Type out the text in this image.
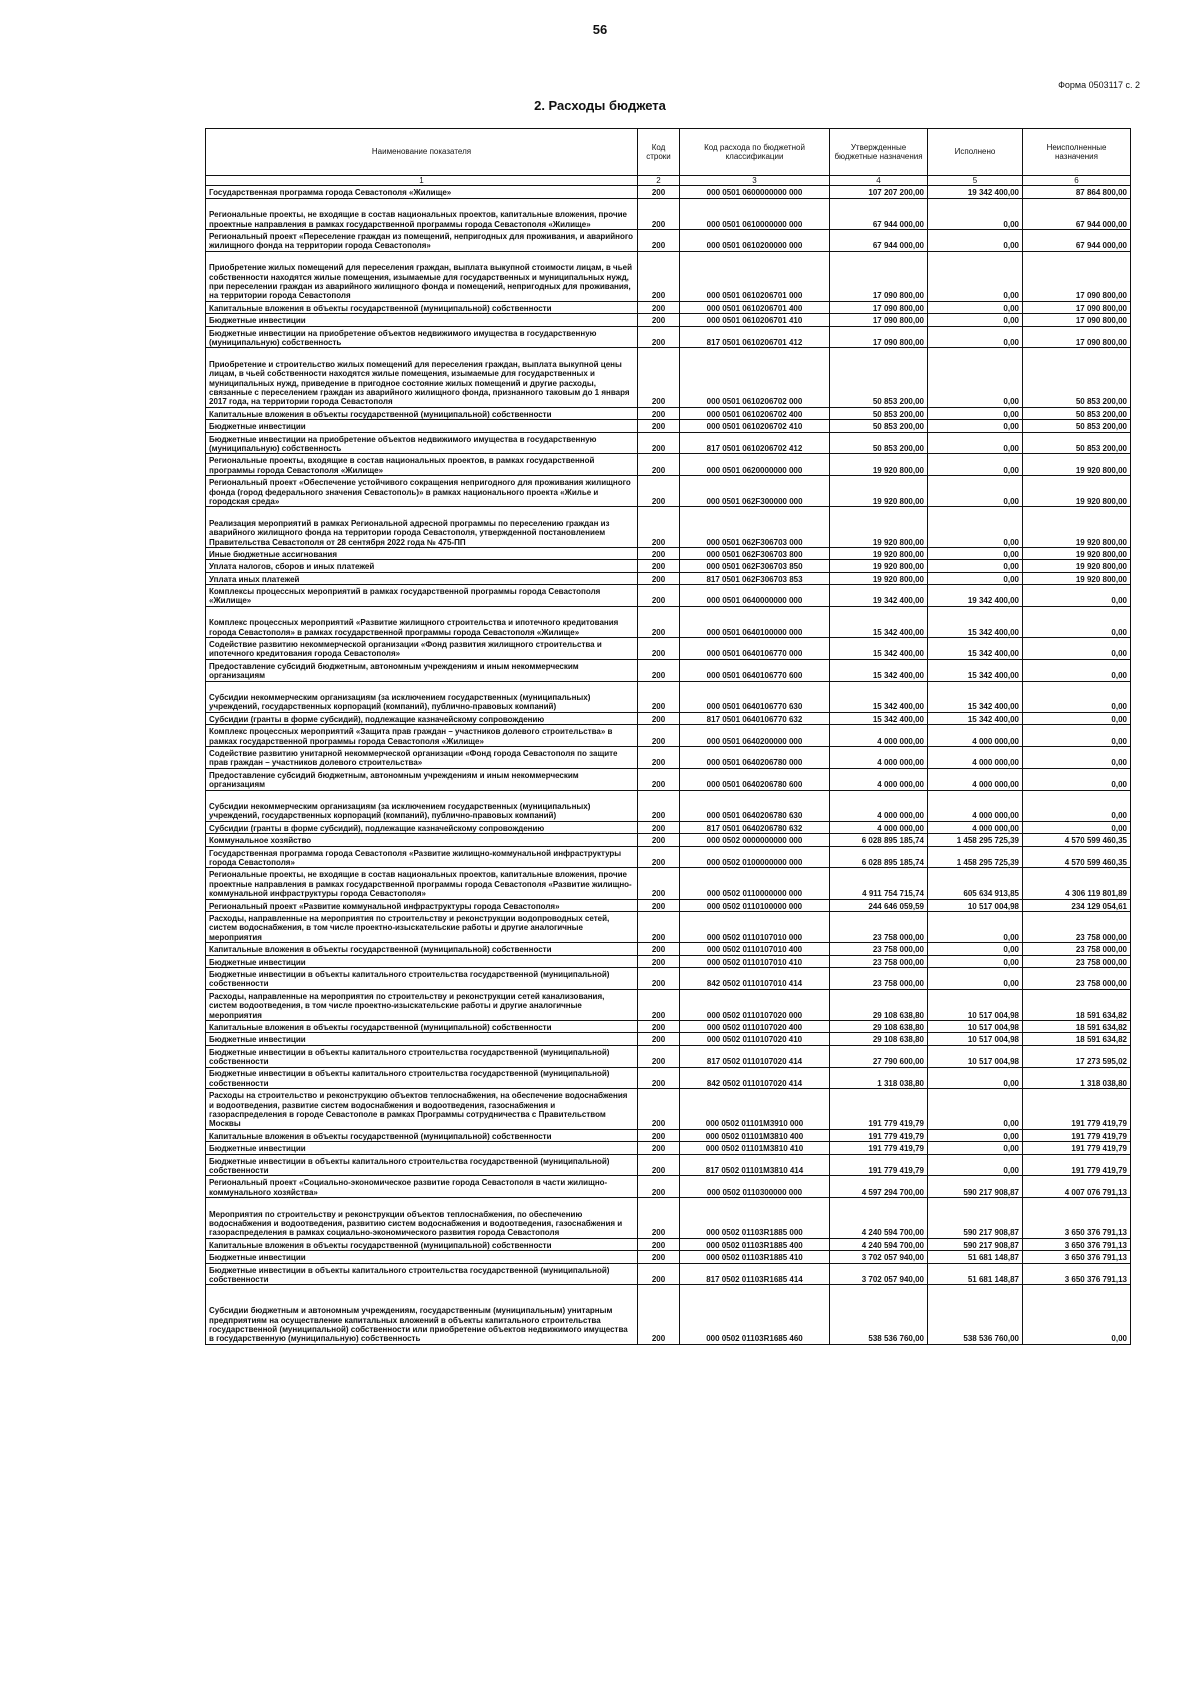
56
Форма 0503117 с. 2
2. Расходы бюджета
Наименование показателя	Код строки	Код расхода по бюджетной классификации	Утвержденные бюджетные назначения	Исполнено	Неисполненные назначения
1	2	3	4	5	6
Государственная программа города Севастополя «Жилище»	200	000 0501 0600000000 000	107 207 200,00	19 342 400,00	87 864 800,00
Региональные проекты, не входящие в состав национальных проектов, капитальные вложения, прочие проектные направления в рамках государственной программы города Севастополя «Жилище»	200	000 0501 0610000000 000	67 944 000,00	0,00	67 944 000,00
Региональный проект «Переселение граждан из помещений, непригодных для проживания, и аварийного жилищного фонда на территории города Севастополя»	200	000 0501 0610200000 000	67 944 000,00	0,00	67 944 000,00
Приобретение жилых помещений для переселения граждан, выплата выкупной стоимости лицам, в чьей собственности находятся жилые помещения, изымаемые для государственных и муниципальных нужд, при переселении граждан из аварийного жилищного фонда и помещений, непригодных для проживания, на территории города Севастополя	200	000 0501 0610206701 000	17 090 800,00	0,00	17 090 800,00
Капитальные вложения в объекты государственной (муниципальной) собственности	200	000 0501 0610206701 400	17 090 800,00	0,00	17 090 800,00
Бюджетные инвестиции	200	000 0501 0610206701 410	17 090 800,00	0,00	17 090 800,00
Бюджетные инвестиции на приобретение объектов недвижимого имущества в государственную (муниципальную) собственность	200	817 0501 0610206701 412	17 090 800,00	0,00	17 090 800,00
Приобретение и строительство жилых помещений для переселения граждан, выплата выкупной цены лицам, в чьей собственности находятся жилые помещения, изымаемые для государственных и муниципальных нужд, приведение в пригодное состояние жилых помещений и другие расходы, связанные с переселением граждан из аварийного жилищного фонда, признанного таковым до 1 января 2017 года, на территории города Севастополя	200	000 0501 0610206702 000	50 853 200,00	0,00	50 853 200,00
Капитальные вложения в объекты государственной (муниципальной) собственности	200	000 0501 0610206702 400	50 853 200,00	0,00	50 853 200,00
Бюджетные инвестиции	200	000 0501 0610206702 410	50 853 200,00	0,00	50 853 200,00
Бюджетные инвестиции на приобретение объектов недвижимого имущества в государственную (муниципальную) собственность	200	817 0501 0610206702 412	50 853 200,00	0,00	50 853 200,00
Региональные проекты, входящие в состав национальных проектов, в рамках государственной программы города Севастополя «Жилище»	200	000 0501 0620000000 000	19 920 800,00	0,00	19 920 800,00
Региональный проект «Обеспечение устойчивого сокращения непригодного для проживания жилищного фонда (город федерального значения Севастополь)» в рамках национального проекта «Жилье и городская среда»	200	000 0501 062F300000 000	19 920 800,00	0,00	19 920 800,00
Реализация мероприятий в рамках Региональной адресной программы по переселению граждан из аварийного жилищного фонда на территории города Севастополя, утвержденной постановлением Правительства Севастополя от 28 сентября 2022 года № 475-ПП	200	000 0501 062F306703 000	19 920 800,00	0,00	19 920 800,00
Иные бюджетные ассигнования	200	000 0501 062F306703 800	19 920 800,00	0,00	19 920 800,00
Уплата налогов, сборов и иных платежей	200	000 0501 062F306703 850	19 920 800,00	0,00	19 920 800,00
Уплата иных платежей	200	817 0501 062F306703 853	19 920 800,00	0,00	19 920 800,00
Комплексы процессных мероприятий в рамках государственной программы города Севастополя «Жилище»	200	000 0501 0640000000 000	19 342 400,00	19 342 400,00	0,00
Комплекс процессных мероприятий «Развитие жилищного строительства и ипотечного кредитования города Севастополя» в рамках государственной программы города Севастополя «Жилище»	200	000 0501 0640100000 000	15 342 400,00	15 342 400,00	0,00
Содействие развитию некоммерческой организации «Фонд развития жилищного строительства и ипотечного кредитования города Севастополя»	200	000 0501 0640106770 000	15 342 400,00	15 342 400,00	0,00
Предоставление субсидий бюджетным, автономным учреждениям и иным некоммерческим организациям	200	000 0501 0640106770 600	15 342 400,00	15 342 400,00	0,00
Субсидии некоммерческим организациям (за исключением государственных (муниципальных) учреждений, государственных корпораций (компаний), публично-правовых компаний)	200	000 0501 0640106770 630	15 342 400,00	15 342 400,00	0,00
Субсидии (гранты в форме субсидий), подлежащие казначейскому сопровождению	200	817 0501 0640106770 632	15 342 400,00	15 342 400,00	0,00
Комплекс процессных мероприятий «Защита прав граждан – участников долевого строительства» в рамках государственной программы города Севастополя «Жилище»	200	000 0501 0640200000 000	4 000 000,00	4 000 000,00	0,00
Содействие развитию унитарной некоммерческой организации «Фонд города Севастополя по защите прав граждан – участников долевого строительства»	200	000 0501 0640206780 000	4 000 000,00	4 000 000,00	0,00
Предоставление субсидий бюджетным, автономным учреждениям и иным некоммерческим организациям	200	000 0501 0640206780 600	4 000 000,00	4 000 000,00	0,00
Субсидии некоммерческим организациям (за исключением государственных (муниципальных) учреждений, государственных корпораций (компаний), публично-правовых компаний)	200	000 0501 0640206780 630	4 000 000,00	4 000 000,00	0,00
Субсидии (гранты в форме субсидий), подлежащие казначейскому сопровождению	200	817 0501 0640206780 632	4 000 000,00	4 000 000,00	0,00
Коммунальное хозяйство	200	000 0502 0000000000 000	6 028 895 185,74	1 458 295 725,39	4 570 599 460,35
Государственная программа города Севастополя «Развитие жилищно-коммунальной инфраструктуры города Севастополя»	200	000 0502 0100000000 000	6 028 895 185,74	1 458 295 725,39	4 570 599 460,35
Региональные проекты, не входящие в состав национальных проектов, капитальные вложения, прочие проектные направления в рамках государственной программы города Севастополя «Развитие жилищно-коммунальной инфраструктуры города Севастополя»	200	000 0502 0110000000 000	4 911 754 715,74	605 634 913,85	4 306 119 801,89
Региональный проект «Развитие коммунальной инфраструктуры города Севастополя»	200	000 0502 0110100000 000	244 646 059,59	10 517 004,98	234 129 054,61
Расходы, направленные на мероприятия по строительству и реконструкции водопроводных сетей, систем водоснабжения, в том числе проектно-изыскательские работы и другие аналогичные мероприятия	200	000 0502 0110107010 000	23 758 000,00	0,00	23 758 000,00
Капитальные вложения в объекты государственной (муниципальной) собственности	200	000 0502 0110107010 400	23 758 000,00	0,00	23 758 000,00
Бюджетные инвестиции	200	000 0502 0110107010 410	23 758 000,00	0,00	23 758 000,00
Бюджетные инвестиции в объекты капитального строительства государственной (муниципальной) собственности	200	842 0502 0110107010 414	23 758 000,00	0,00	23 758 000,00
Расходы, направленные на мероприятия по строительству и реконструкции сетей канализования, систем водоотведения, в том числе проектно-изыскательские работы и другие аналогичные мероприятия	200	000 0502 0110107020 000	29 108 638,80	10 517 004,98	18 591 634,82
Капитальные вложения в объекты государственной (муниципальной) собственности	200	000 0502 0110107020 400	29 108 638,80	10 517 004,98	18 591 634,82
Бюджетные инвестиции	200	000 0502 0110107020 410	29 108 638,80	10 517 004,98	18 591 634,82
Бюджетные инвестиции в объекты капитального строительства государственной (муниципальной) собственности	200	817 0502 0110107020 414	27 790 600,00	10 517 004,98	17 273 595,02
Бюджетные инвестиции в объекты капитального строительства государственной (муниципальной) собственности	200	842 0502 0110107020 414	1 318 038,80	0,00	1 318 038,80
Расходы на строительство и реконструкцию объектов теплоснабжения, на обеспечение водоснабжения и водоотведения, развитие систем водоснабжения и водоотведения, газоснабжения и газораспределения в городе Севастополе в рамках Программы сотрудничества с Правительством Москвы	200	000 0502 01101M3910 000	191 779 419,79	0,00	191 779 419,79
Капитальные вложения в объекты государственной (муниципальной) собственности	200	000 0502 01101M3810 400	191 779 419,79	0,00	191 779 419,79
Бюджетные инвестиции	200	000 0502 01101M3810 410	191 779 419,79	0,00	191 779 419,79
Бюджетные инвестиции в объекты капитального строительства государственной (муниципальной) собственности	200	817 0502 01101M3810 414	191 779 419,79	0,00	191 779 419,79
Региональный проект «Социально-экономическое развитие города Севастополя в части жилищно-коммунального хозяйства»	200	000 0502 0110300000 000	4 597 294 700,00	590 217 908,87	4 007 076 791,13
Мероприятия по строительству и реконструкции объектов теплоснабжения, по обеспечению водоснабжения и водоотведения, развитию систем водоснабжения и водоотведения, газоснабжения и газораспределения в рамках социально-экономического развития города Севастополя	200	000 0502 01103R1885 000	4 240 594 700,00	590 217 908,87	3 650 376 791,13
Капитальные вложения в объекты государственной (муниципальной) собственности	200	000 0502 01103R1885 400	4 240 594 700,00	590 217 908,87	3 650 376 791,13
Бюджетные инвестиции	200	000 0502 01103R1885 410	3 702 057 940,00	51 681 148,87	3 650 376 791,13
Бюджетные инвестиции в объекты капитального строительства государственной (муниципальной) собственности	200	817 0502 01103R1685 414	3 702 057 940,00	51 681 148,87	3 650 376 791,13
Субсидии бюджетным и автономным учреждениям, государственным (муниципальным) унитарным предприятиям на осуществление капитальных вложений в объекты капитального строительства государственной (муниципальной) собственности или приобретение объектов недвижимого имущества в государственную (муниципальную) собственность	200	000 0502 01103R1685 460	538 536 760,00	538 536 760,00	0,00
